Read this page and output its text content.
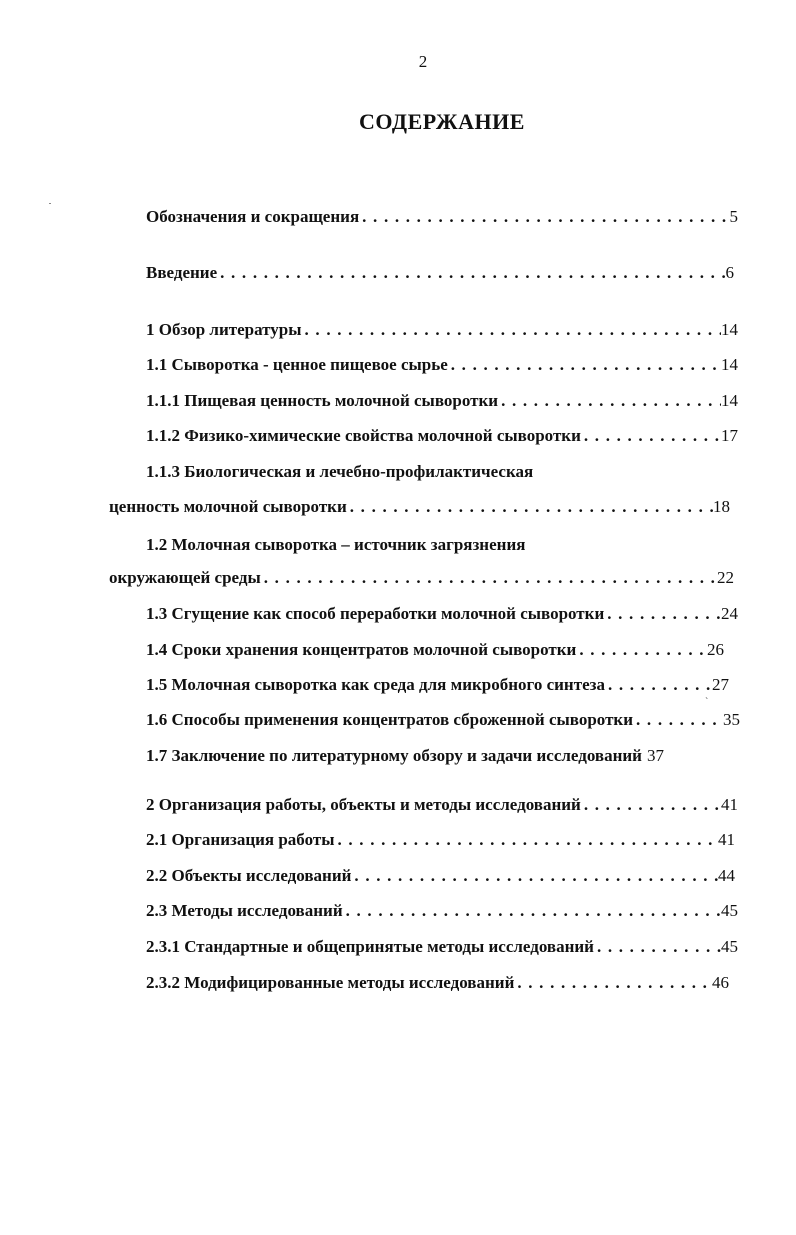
2
СОДЕРЖАНИЕ
`
Обозначения и сокращения . . .	5
Введение . . .	6
1 Обзор литературы . . .	14
1.1 Сыворотка - ценное пищевое сырье . . .	14
1.1.1 Пищевая ценность молочной сыворотки . . .	14
1.1.2 Физико-химические свойства молочной сыворотки . . .	17
1.1.3 Биологическая и лечебно-профилактическая
ценность молочной сыворотки . . .	18
1.2 Молочная сыворотка – источник загрязнения
окружающей среды . . .	22
1.3 Сгущение как способ переработки молочной сыворотки . . .	24
1.4 Сроки хранения концентратов молочной сыворотки . . .	26
1.5 Молочная сыворотка как среда для микробного синтеза . . .	27
1.6 Способы применения концентратов сброженной сыворотки . . .	35
1.7 Заключение по литературному обзору и задачи исследований 37
2 Организация работы, объекты и методы исследований . . .	41
2.1 Организация работы . . .	41
2.2 Объекты исследований . . .	44
2.3 Методы исследований . . .	45
2.3.1 Стандартные и общепринятые методы исследований . . .	45
2.3.2 Модифицированные методы исследований . . .	46
